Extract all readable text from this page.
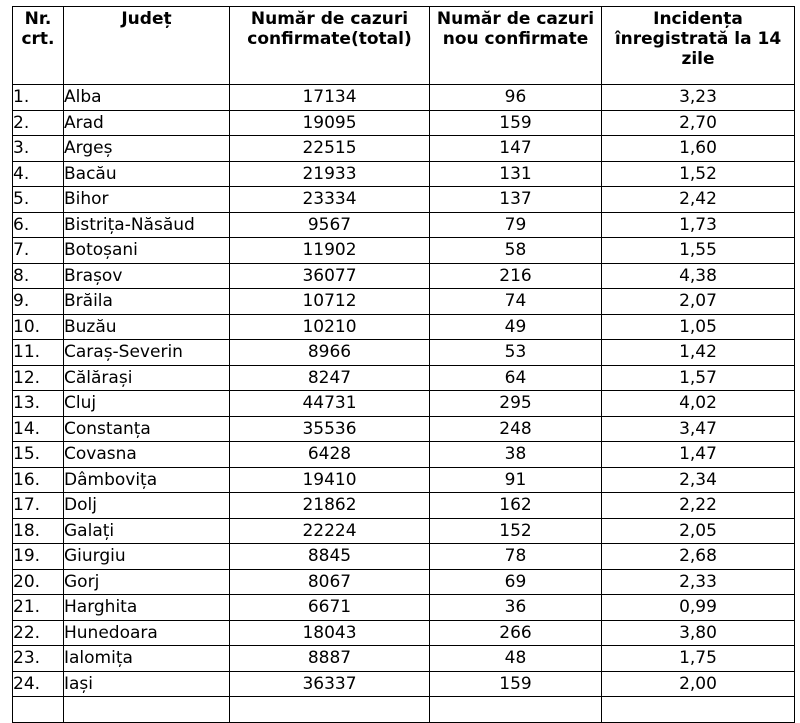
Nr. crt.	Județ	Număr de cazuri confirmate(total)	Număr de cazuri nou confirmate	Incidența înregistrată la 14 zile
1.	Alba	17134	96	3,23
2.	Arad	19095	159	2,70
3.	Argeș	22515	147	1,60
4.	Bacău	21933	131	1,52
5.	Bihor	23334	137	2,42
6.	Bistrița-Năsăud	9567	79	1,73
7.	Botoșani	11902	58	1,55
8.	Brașov	36077	216	4,38
9.	Brăila	10712	74	2,07
10.	Buzău	10210	49	1,05
11.	Caraș-Severin	8966	53	1,42
12.	Călărași	8247	64	1,57
13.	Cluj	44731	295	4,02
14.	Constanța	35536	248	3,47
15.	Covasna	6428	38	1,47
16.	Dâmbovița	19410	91	2,34
17.	Dolj	21862	162	2,22
18.	Galați	22224	152	2,05
19.	Giurgiu	8845	78	2,68
20.	Gorj	8067	69	2,33
21.	Harghita	6671	36	0,99
22.	Hunedoara	18043	266	3,80
23.	Ialomița	8887	48	1,75
24.	Iași	36337	159	2,00
